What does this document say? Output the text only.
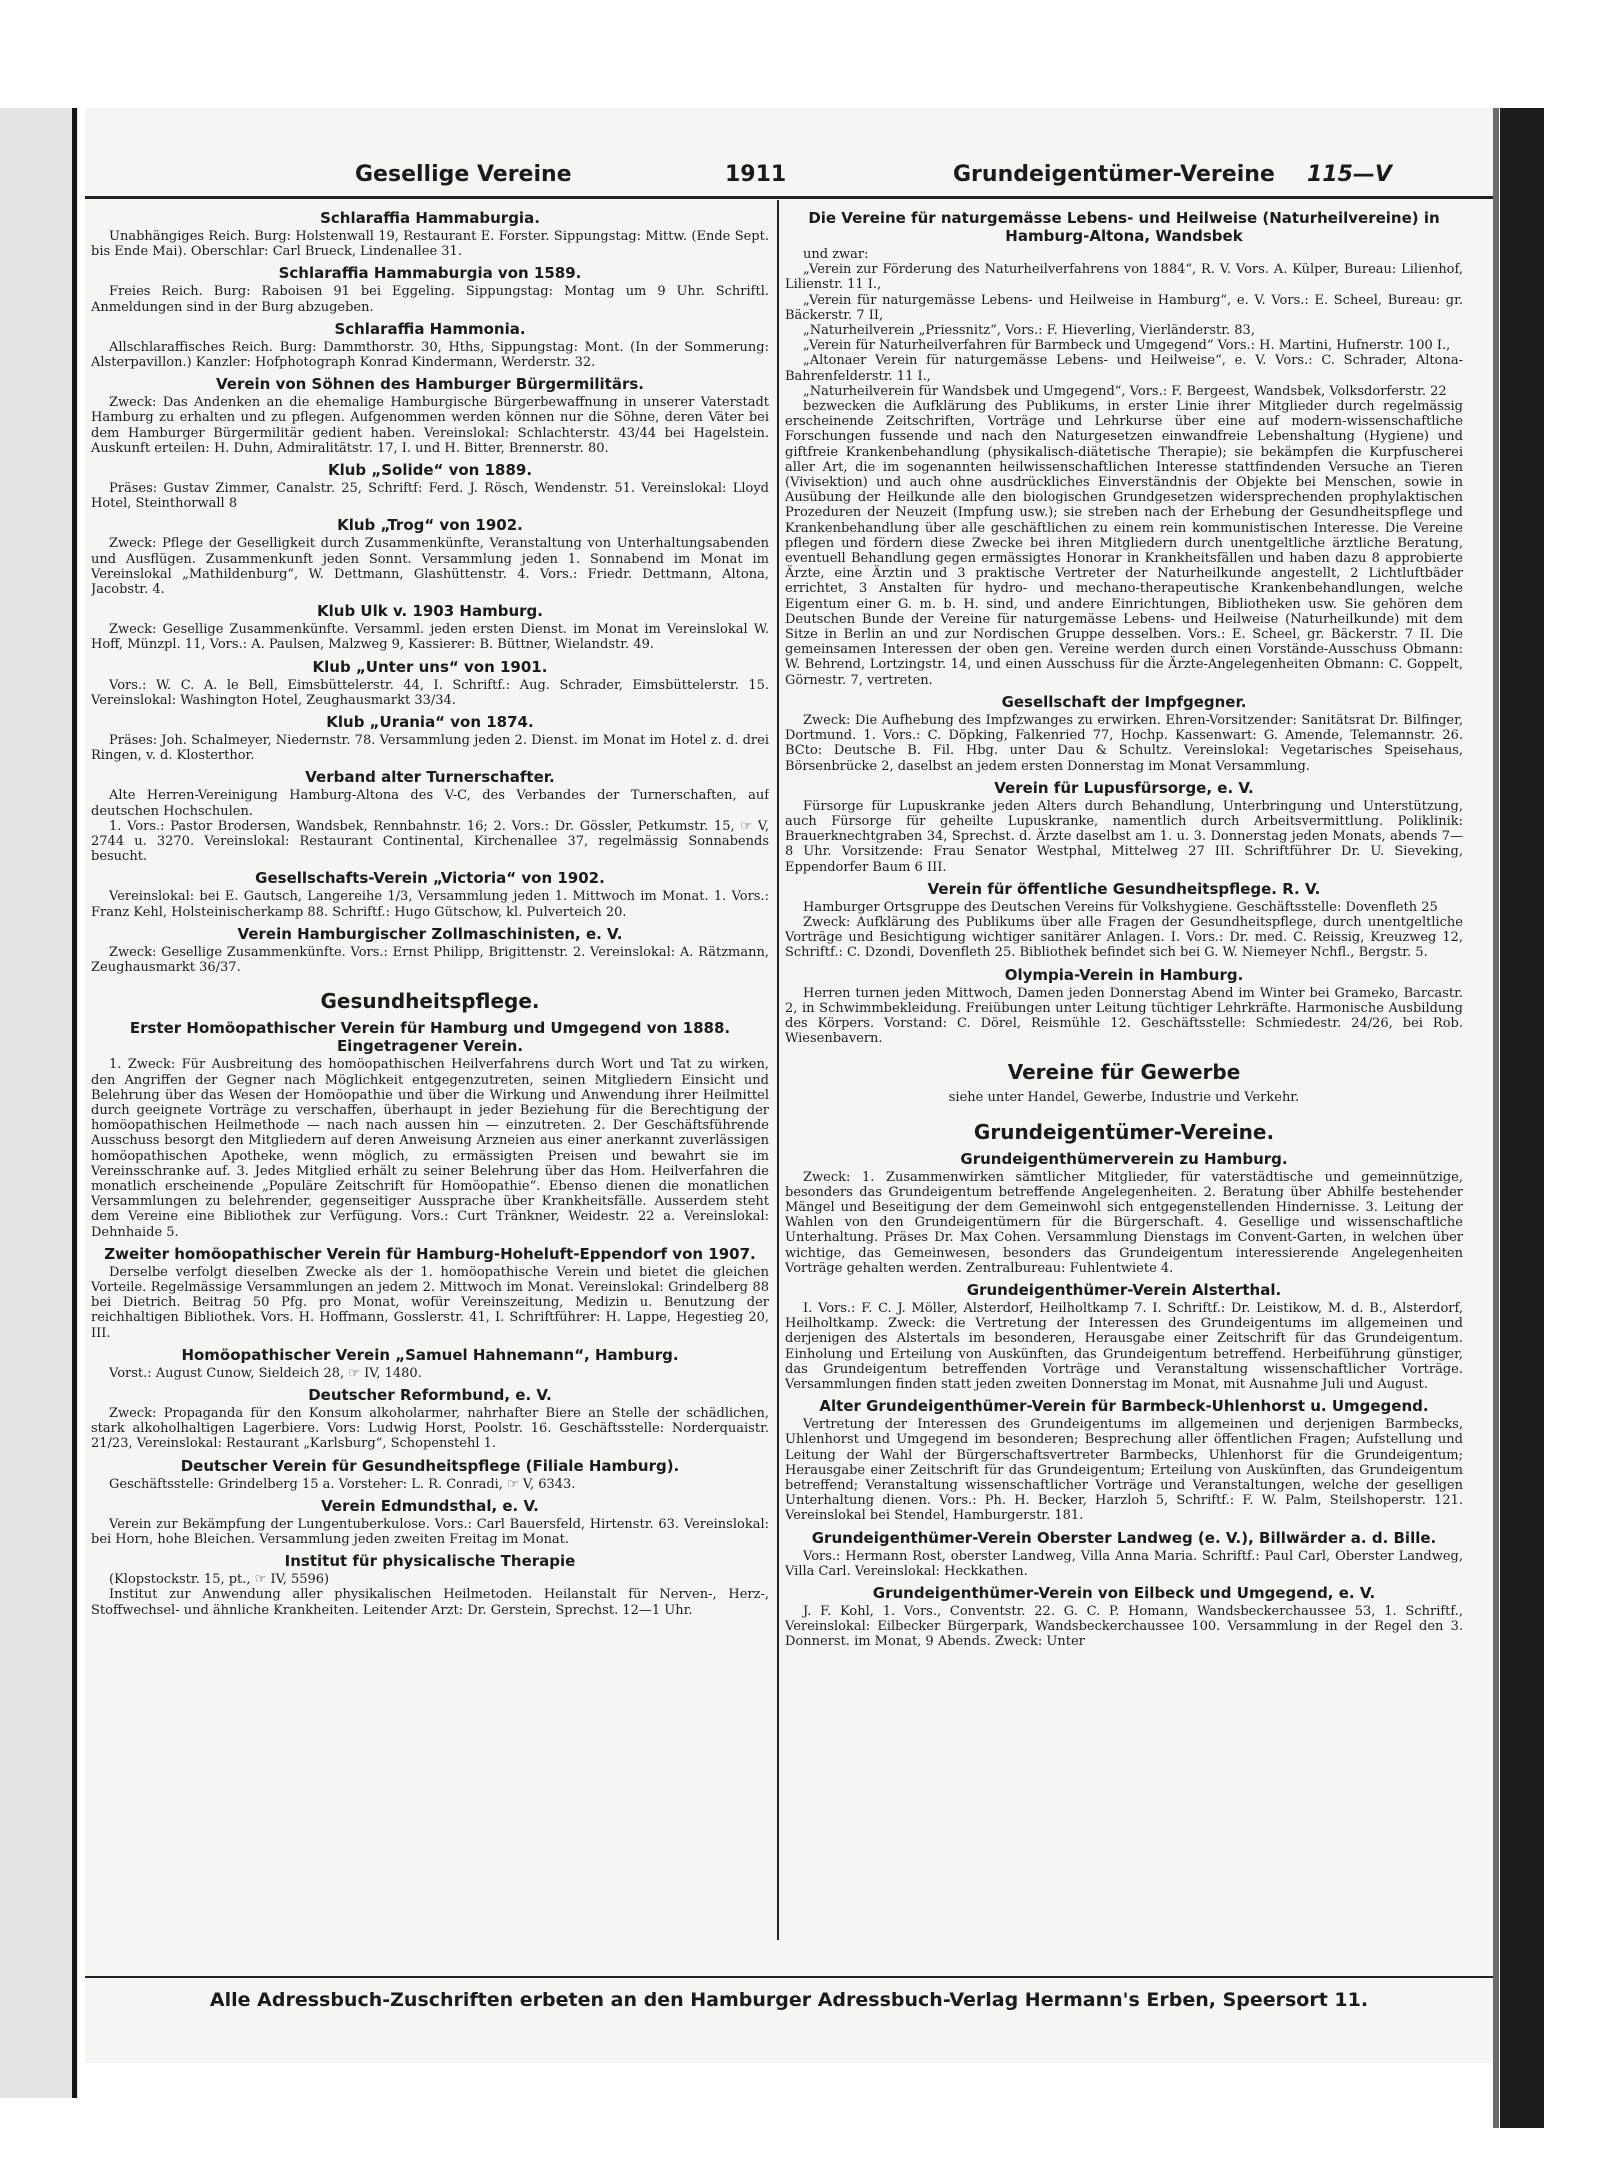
Gesellige Vereine	1911	Grundeigentümer-Vereine 115—V
Schlaraffia Hammaburgia.

Unabhängiges Reich. Burg: Holstenwall 19, Restaurant E. Forster. Sippungstag: Mittw. (Ende Sept. bis Ende Mai). Oberschlar: Carl Brueck, Lindenallee 31.

Schlaraffia Hammaburgia von 1589.

Freies Reich. Burg: Raboisen 91 bei Eggeling. Sippungstag: Montag um 9 Uhr. Schriftl. Anmeldungen sind in der Burg abzugeben.

Schlaraffia Hammonia.

Allschlaraffisches Reich. Burg: Dammthorstr. 30, Hths, Sippungstag: Mont. (In der Sommerung: Alsterpavillon.) Kanzler: Hofphotograph Konrad Kindermann, Werderstr. 32.

Verein von Söhnen des Hamburger Bürgermilitärs.

Zweck: Das Andenken an die ehemalige Hamburgische Bürgerbewaffnung in unserer Vaterstadt Hamburg zu erhalten und zu pflegen. Aufgenommen werden können nur die Söhne, deren Väter bei dem Hamburger Bürgermilitär gedient haben. Vereinslokal: Schlachterstr. 43/44 bei Hagelstein. Auskunft erteilen: H. Duhn, Admiralitätstr. 17, I. und H. Bitter, Brennerstr. 80.

Klub „Solide“ von 1889.

Präses: Gustav Zimmer, Canalstr. 25, Schriftf: Ferd. J. Rösch, Wendenstr. 51. Vereinslokal: Lloyd Hotel, Steinthorwall 8

Klub „Trog“ von 1902.

Zweck: Pflege der Geselligkeit durch Zusammenkünfte, Veranstaltung von Unterhaltungsabenden und Ausflügen. Zusammenkunft jeden Sonnt. Versammlung jeden 1. Sonnabend im Monat im Vereinslokal „Mathildenburg“, W. Dettmann, Glashüttenstr. 4. Vors.: Friedr. Dettmann, Altona, Jacobstr. 4.

Klub Ulk v. 1903 Hamburg.

Zweck: Gesellige Zusammenkünfte. Versamml. jeden ersten Dienst. im Monat im Vereinslokal W. Hoff, Münzpl. 11, Vors.: A. Paulsen, Malzweg 9, Kassierer: B. Büttner, Wielandstr. 49.

Klub „Unter uns“ von 1901.

Vors.: W. C. A. le Bell, Eimsbüttelerstr. 44, I. Schriftf.: Aug. Schrader, Eimsbüttelerstr. 15. Vereinslokal: Washington Hotel, Zeughausmarkt 33/34.

Klub „Urania“ von 1874.

Präses: Joh. Schalmeyer, Niedernstr. 78. Versammlung jeden 2. Dienst. im Monat im Hotel z. d. drei Ringen, v. d. Klosterthor.

Verband alter Turnerschafter.

Alte Herren-Vereinigung Hamburg-Altona des V-C, des Verbandes der Turnerschaften, auf deutschen Hochschulen.

1. Vors.: Pastor Brodersen, Wandsbek, Rennbahnstr. 16; 2. Vors.: Dr. Gössler, Petkumstr. 15, ☞ V, 2744 u. 3270. Vereinslokal: Restaurant Continental, Kirchenallee 37, regelmässig Sonnabends besucht.

Gesellschafts-Verein „Victoria“ von 1902.

Vereinslokal: bei E. Gautsch, Langereihe 1/3, Versammlung jeden 1. Mittwoch im Monat. 1. Vors.: Franz Kehl, Holsteinischerkamp 88. Schriftf.: Hugo Gütschow, kl. Pulverteich 20.

Verein Hamburgischer Zollmaschinisten, e. V.

Zweck: Gesellige Zusammenkünfte. Vors.: Ernst Philipp, Brigittenstr. 2. Vereinslokal: A. Rätzmann, Zeughausmarkt 36/37.

Gesundheitspflege.
Erster Homöopathischer Verein für Hamburg und Umgegend von 1888. Eingetragener Verein.

1. Zweck: Für Ausbreitung des homöopathischen Heilverfahrens durch Wort und Tat zu wirken, den Angriffen der Gegner nach Möglichkeit entgegenzutreten, seinen Mitgliedern Einsicht und Belehrung über das Wesen der Homöopathie und über die Wirkung und Anwendung ihrer Heilmittel durch geeignete Vorträge zu verschaffen, überhaupt in jeder Beziehung für die Berechtigung der homöopathischen Heilmethode — nach nach aussen hin — einzutreten. 2. Der Geschäftsführende Ausschuss besorgt den Mitgliedern auf deren Anweisung Arzneien aus einer anerkannt zuverlässigen homöopathischen Apotheke, wenn möglich, zu ermässigten Preisen und bewahrt sie im Vereinsschranke auf. 3. Jedes Mitglied erhält zu seiner Belehrung über das Hom. Heilverfahren die monatlich erscheinende „Populäre Zeitschrift für Homöopathie“. Ebenso dienen die monatlichen Versammlungen zu belehrender, gegenseitiger Aussprache über Krankheitsfälle. Ausserdem steht dem Vereine eine Bibliothek zur Verfügung. Vors.: Curt Tränkner, Weidestr. 22 a. Vereinslokal: Dehnhaide 5.

Zweiter homöopathischer Verein für Hamburg-Hoheluft-Eppendorf von 1907.

Derselbe verfolgt dieselben Zwecke als der 1. homöopathische Verein und bietet die gleichen Vorteile. Regelmässige Versammlungen an jedem 2. Mittwoch im Monat. Vereinslokal: Grindelberg 88 bei Dietrich. Beitrag 50 Pfg. pro Monat, wofür Vereinszeitung, Medizin u. Benutzung der reichhaltigen Bibliothek. Vors. H. Hoffmann, Gosslerstr. 41, I. Schriftführer: H. Lappe, Hegestieg 20, III.

Homöopathischer Verein „Samuel Hahnemann“, Hamburg.

Vorst.: August Cunow, Sieldeich 28, ☞ IV, 1480.

Deutscher Reformbund, e. V.

Zweck: Propaganda für den Konsum alkoholarmer, nahrhafter Biere an Stelle der schädlichen, stark alkoholhaltigen Lagerbiere. Vors: Ludwig Horst, Poolstr. 16. Geschäftsstelle: Norderquaistr. 21/23, Vereinslokal: Restaurant „Karlsburg“, Schopenstehl 1.

Deutscher Verein für Gesundheitspflege (Filiale Hamburg).

Geschäftsstelle: Grindelberg 15 a. Vorsteher: L. R. Conradi, ☞ V, 6343.

Verein Edmundsthal, e. V.

Verein zur Bekämpfung der Lungentuberkulose. Vors.: Carl Bauersfeld, Hirtenstr. 63. Vereinslokal: bei Horn, hohe Bleichen. Versammlung jeden zweiten Freitag im Monat.

Institut für physicalische Therapie

(Klopstockstr. 15, pt., ☞ IV, 5596)

Institut zur Anwendung aller physikalischen Heilmetoden. Heilanstalt für Nerven-, Herz-, Stoffwechsel- und ähnliche Krankheiten. Leitender Arzt: Dr. Gerstein, Sprechst. 12—1 Uhr.

Die Vereine für naturgemässe Lebens- und Heilweise (Naturheilvereine) in Hamburg-Altona, Wandsbek

und zwar:

„Verein zur Förderung des Naturheilverfahrens von 1884“, R. V. Vors. A. Külper, Bureau: Lilienhof, Lilienstr. 11 I.,

„Verein für naturgemässe Lebens- und Heilweise in Hamburg“, e. V. Vors.: E. Scheel, Bureau: gr. Bäckerstr. 7 II,

„Naturheilverein „Priessnitz“, Vors.: F. Hieverling, Vierländerstr. 83,

„Verein für Naturheilverfahren für Barmbeck und Umgegend“ Vors.: H. Martini, Hufnerstr. 100 I.,

„Altonaer Verein für naturgemässe Lebens- und Heilweise“, e. V. Vors.: C. Schrader, Altona-Bahrenfelderstr. 11 I.,

„Naturheilverein für Wandsbek und Umgegend“, Vors.: F. Bergeest, Wandsbek, Volksdorferstr. 22

bezwecken die Aufklärung des Publikums, in erster Linie ihrer Mitglieder durch regelmässig erscheinende Zeitschriften, Vorträge und Lehrkurse über eine auf modern-wissenschaftliche Forschungen fussende und nach den Naturgesetzen einwandfreie Lebenshaltung (Hygiene) und giftfreie Krankenbehandlung (physikalisch-diätetische Therapie); sie bekämpfen die Kurpfuscherei aller Art, die im sogenannten heilwissenschaftlichen Interesse stattfindenden Versuche an Tieren (Vivisektion) und auch ohne ausdrückliches Einverständnis der Objekte bei Menschen, sowie in Ausübung der Heilkunde alle den biologischen Grundgesetzen widersprechenden prophylaktischen Prozeduren der Neuzeit (Impfung usw.); sie streben nach der Erhebung der Gesundheitspflege und Krankenbehandlung über alle geschäftlichen zu einem rein kommunistischen Interesse. Die Vereine pflegen und fördern diese Zwecke bei ihren Mitgliedern durch unentgeltliche ärztliche Beratung, eventuell Behandlung gegen ermässigtes Honorar in Krankheitsfällen und haben dazu 8 approbierte Ärzte, eine Ärztin und 3 praktische Vertreter der Naturheilkunde angestellt, 2 Lichtluftbäder errichtet, 3 Anstalten für hydro- und mechano-therapeutische Krankenbehandlungen, welche Eigentum einer G. m. b. H. sind, und andere Einrichtungen, Bibliotheken usw. Sie gehören dem Deutschen Bunde der Vereine für naturgemässe Lebens- und Heilweise (Naturheilkunde) mit dem Sitze in Berlin an und zur Nordischen Gruppe desselben. Vors.: E. Scheel, gr. Bäckerstr. 7 II. Die gemeinsamen Interessen der oben gen. Vereine werden durch einen Vorstände-Ausschuss Obmann: W. Behrend, Lortzingstr. 14, und einen Ausschuss für die Ärzte-Angelegenheiten Obmann: C. Goppelt, Görnestr. 7, vertreten.

Gesellschaft der Impfgegner.

Zweck: Die Aufhebung des Impfzwanges zu erwirken. Ehren-Vorsitzender: Sanitätsrat Dr. Bilfinger, Dortmund. 1. Vors.: C. Döpking, Falkenried 77, Hochp. Kassenwart: G. Amende, Telemannstr. 26. BCto: Deutsche B. Fil. Hbg. unter Dau & Schultz. Vereinslokal: Vegetarisches Speisehaus, Börsenbrücke 2, daselbst an jedem ersten Donnerstag im Monat Versammlung.

Verein für Lupusfürsorge, e. V.

Fürsorge für Lupuskranke jeden Alters durch Behandlung, Unterbringung und Unterstützung, auch Fürsorge für geheilte Lupuskranke, namentlich durch Arbeitsvermittlung. Poliklinik: Brauerknechtgraben 34, Sprechst. d. Ärzte daselbst am 1. u. 3. Donnerstag jeden Monats, abends 7—8 Uhr. Vorsitzende: Frau Senator Westphal, Mittelweg 27 III. Schriftführer Dr. U. Sieveking, Eppendorfer Baum 6 III.

Verein für öffentliche Gesundheitspflege. R. V.

Hamburger Ortsgruppe des Deutschen Vereins für Volkshygiene. Geschäftsstelle: Dovenfleth 25

Zweck: Aufklärung des Publikums über alle Fragen der Gesundheitspflege, durch unentgeltliche Vorträge und Besichtigung wichtiger sanitärer Anlagen. I. Vors.: Dr. med. C. Reissig, Kreuzweg 12, Schriftf.: C. Dzondi, Dovenfleth 25. Bibliothek befindet sich bei G. W. Niemeyer Nchfl., Bergstr. 5.

Olympia-Verein in Hamburg.

Herren turnen jeden Mittwoch, Damen jeden Donnerstag Abend im Winter bei Grameko, Barcastr. 2, in Schwimmbekleidung. Freiübungen unter Leitung tüchtiger Lehrkräfte. Harmonische Ausbildung des Körpers. Vorstand: C. Dörel, Reismühle 12. Geschäftsstelle: Schmiedestr. 24/26, bei Rob. Wiesenbavern.

Vereine für Gewerbe
siehe unter Handel, Gewerbe, Industrie und Verkehr.
Grundeigentümer-Vereine.
Grundeigenthümerverein zu Hamburg.

Zweck: 1. Zusammenwirken sämtlicher Mitglieder, für vaterstädtische und gemeinnützige, besonders das Grundeigentum betreffende Angelegenheiten. 2. Beratung über Abhilfe bestehender Mängel und Beseitigung der dem Gemeinwohl sich entgegenstellenden Hindernisse. 3. Leitung der Wahlen von den Grundeigentümern für die Bürgerschaft. 4. Gesellige und wissenschaftliche Unterhaltung. Präses Dr. Max Cohen. Versammlung Dienstags im Convent-Garten, in welchen über wichtige, das Gemeinwesen, besonders das Grundeigentum interessierende Angelegenheiten Vorträge gehalten werden. Zentralbureau: Fuhlentwiete 4.

Grundeigenthümer-Verein Alsterthal.

I. Vors.: F. C. J. Möller, Alsterdorf, Heilholtkamp 7. I. Schriftf.: Dr. Leistikow, M. d. B., Alsterdorf, Heilholtkamp. Zweck: die Vertretung der Interessen des Grundeigentums im allgemeinen und derjenigen des Alstertals im besonderen, Herausgabe einer Zeitschrift für das Grundeigentum. Einholung und Erteilung von Auskünften, das Grundeigentum betreffend. Herbeiführung günstiger, das Grundeigentum betreffenden Vorträge und Veranstaltung wissenschaftlicher Vorträge. Versammlungen finden statt jeden zweiten Donnerstag im Monat, mit Ausnahme Juli und August.

Alter Grundeigenthümer-Verein für Barmbeck-Uhlenhorst u. Umgegend.

Vertretung der Interessen des Grundeigentums im allgemeinen und derjenigen Barmbecks, Uhlenhorst und Umgegend im besonderen; Besprechung aller öffentlichen Fragen; Aufstellung und Leitung der Wahl der Bürgerschaftsvertreter Barmbecks, Uhlenhorst für die Grundeigentum; Herausgabe einer Zeitschrift für das Grundeigentum; Erteilung von Auskünften, das Grundeigentum betreffend; Veranstaltung wissenschaftlicher Vorträge und Veranstaltungen, welche der geselligen Unterhaltung dienen. Vors.: Ph. H. Becker, Harzloh 5, Schriftf.: F. W. Palm, Steilshoperstr. 121. Vereinslokal bei Stendel, Hamburgerstr. 181.

Grundeigenthümer-Verein Oberster Landweg (e. V.), Billwärder a. d. Bille.

Vors.: Hermann Rost, oberster Landweg, Villa Anna Maria. Schriftf.: Paul Carl, Oberster Landweg, Villa Carl. Vereinslokal: Heckkathen.

Grundeigenthümer-Verein von Eilbeck und Umgegend, e. V.

J. F. Kohl, 1. Vors., Conventstr. 22. G. C. P. Homann, Wandsbeckerchaussee 53, 1. Schriftf., Vereinslokal: Eilbecker Bürgerpark, Wandsbeckerchaussee 100. Versammlung in der Regel den 3. Donnerst. im Monat, 9 Abends. Zweck: Unter

Alle Adressbuch-Zuschriften erbeten an den Hamburger Adressbuch-Verlag Hermann's Erben, Speersort 11.
